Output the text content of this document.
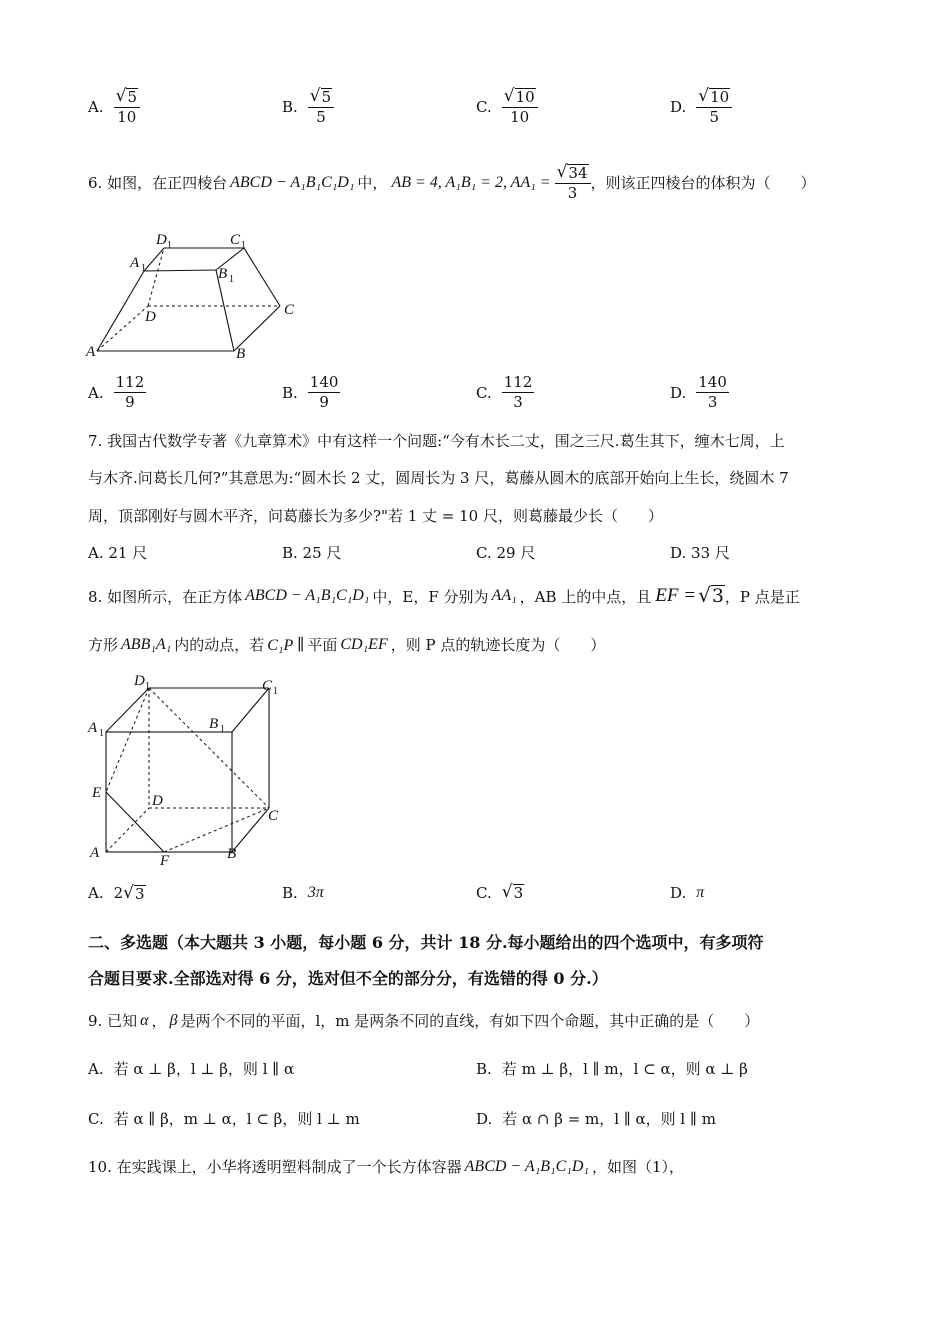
A. $\frac{√ 5}{10}$	B. $\frac{√ 5}{5}$	C. $\frac{√ 10}{10}$	D. $\frac{√ 10}{5}$
6.
如图，在正四棱台 ABCD − A₁B₁C₁D₁ 中， AB = 4, A₁B₁ = 2, $AA_1 = \frac{√ 34}{3}$ ，则该正四棱台的体积为（　　）
D 1	C 1
A 1	B 1
D	C
A	B
A. $\frac{112}{9}$	B. $\frac{140}{9}$	C. $\frac{112}{3}$	D. $\frac{140}{3}$
7. 我国古代数学专著《九章算术》中有这样一个问题:“今有木长二丈，围之三尺.葛生其下，缠木七周，上
与木齐.问葛长几何?”其意思为:“圆木长 2 丈，圆周长为 3 尺，葛藤从圆木的底部开始向上生长，绕圆木 7
周，顶部刚好与圆木平齐，问葛藤长为多少?"若 1 丈 = 10 尺，则葛藤最少长（　　）
A. 21 尺	B. 25 尺	C. 29 尺	D. 33 尺
8. 如图所示，在正方体 ABCD − A₁B₁C₁D₁ 中，E，F 分别为 AA₁ ，AB 上的中点，且 EF = √ 3 ，P 点是正
方形 ABB₁A₁ 内的动点，若 C₁P ∥ 平面 CD₁EF ，则 P 点的轨迹长度为（　　）
D 1	C 1
A 1
B 1
E	D
C
A	F	B
A. 2 √ 3	B. 3π	C. √ 3	D. π
二、多选题（本大题共 3 小题，每小题 6 分，共计 18 分.每小题给出的四个选项中，有多项符
合题目要求.全部选对得 6 分，选对但不全的部分分，有选错的得 0 分.）
9. 已知 α ， β 是两个不同的平面，l，m 是两条不同的直线，有如下四个命题，其中正确的是（　　）
A. 若 α ⊥ β，l ⊥ β，则 l ∥ α	B. 若 m ⊥ β，l ∥ m，l ⊂ α，则 α ⊥ β
C. 若 α ∥ β，m ⊥ α，l ⊂ β，则 l ⊥ m	D. 若 α ∩ β = m，l ∥ α，则 l ∥ m
10. 在实践课上，小华将透明塑料制成了一个长方体容器 ABCD − A₁B₁C₁D₁ ，如图（1），
